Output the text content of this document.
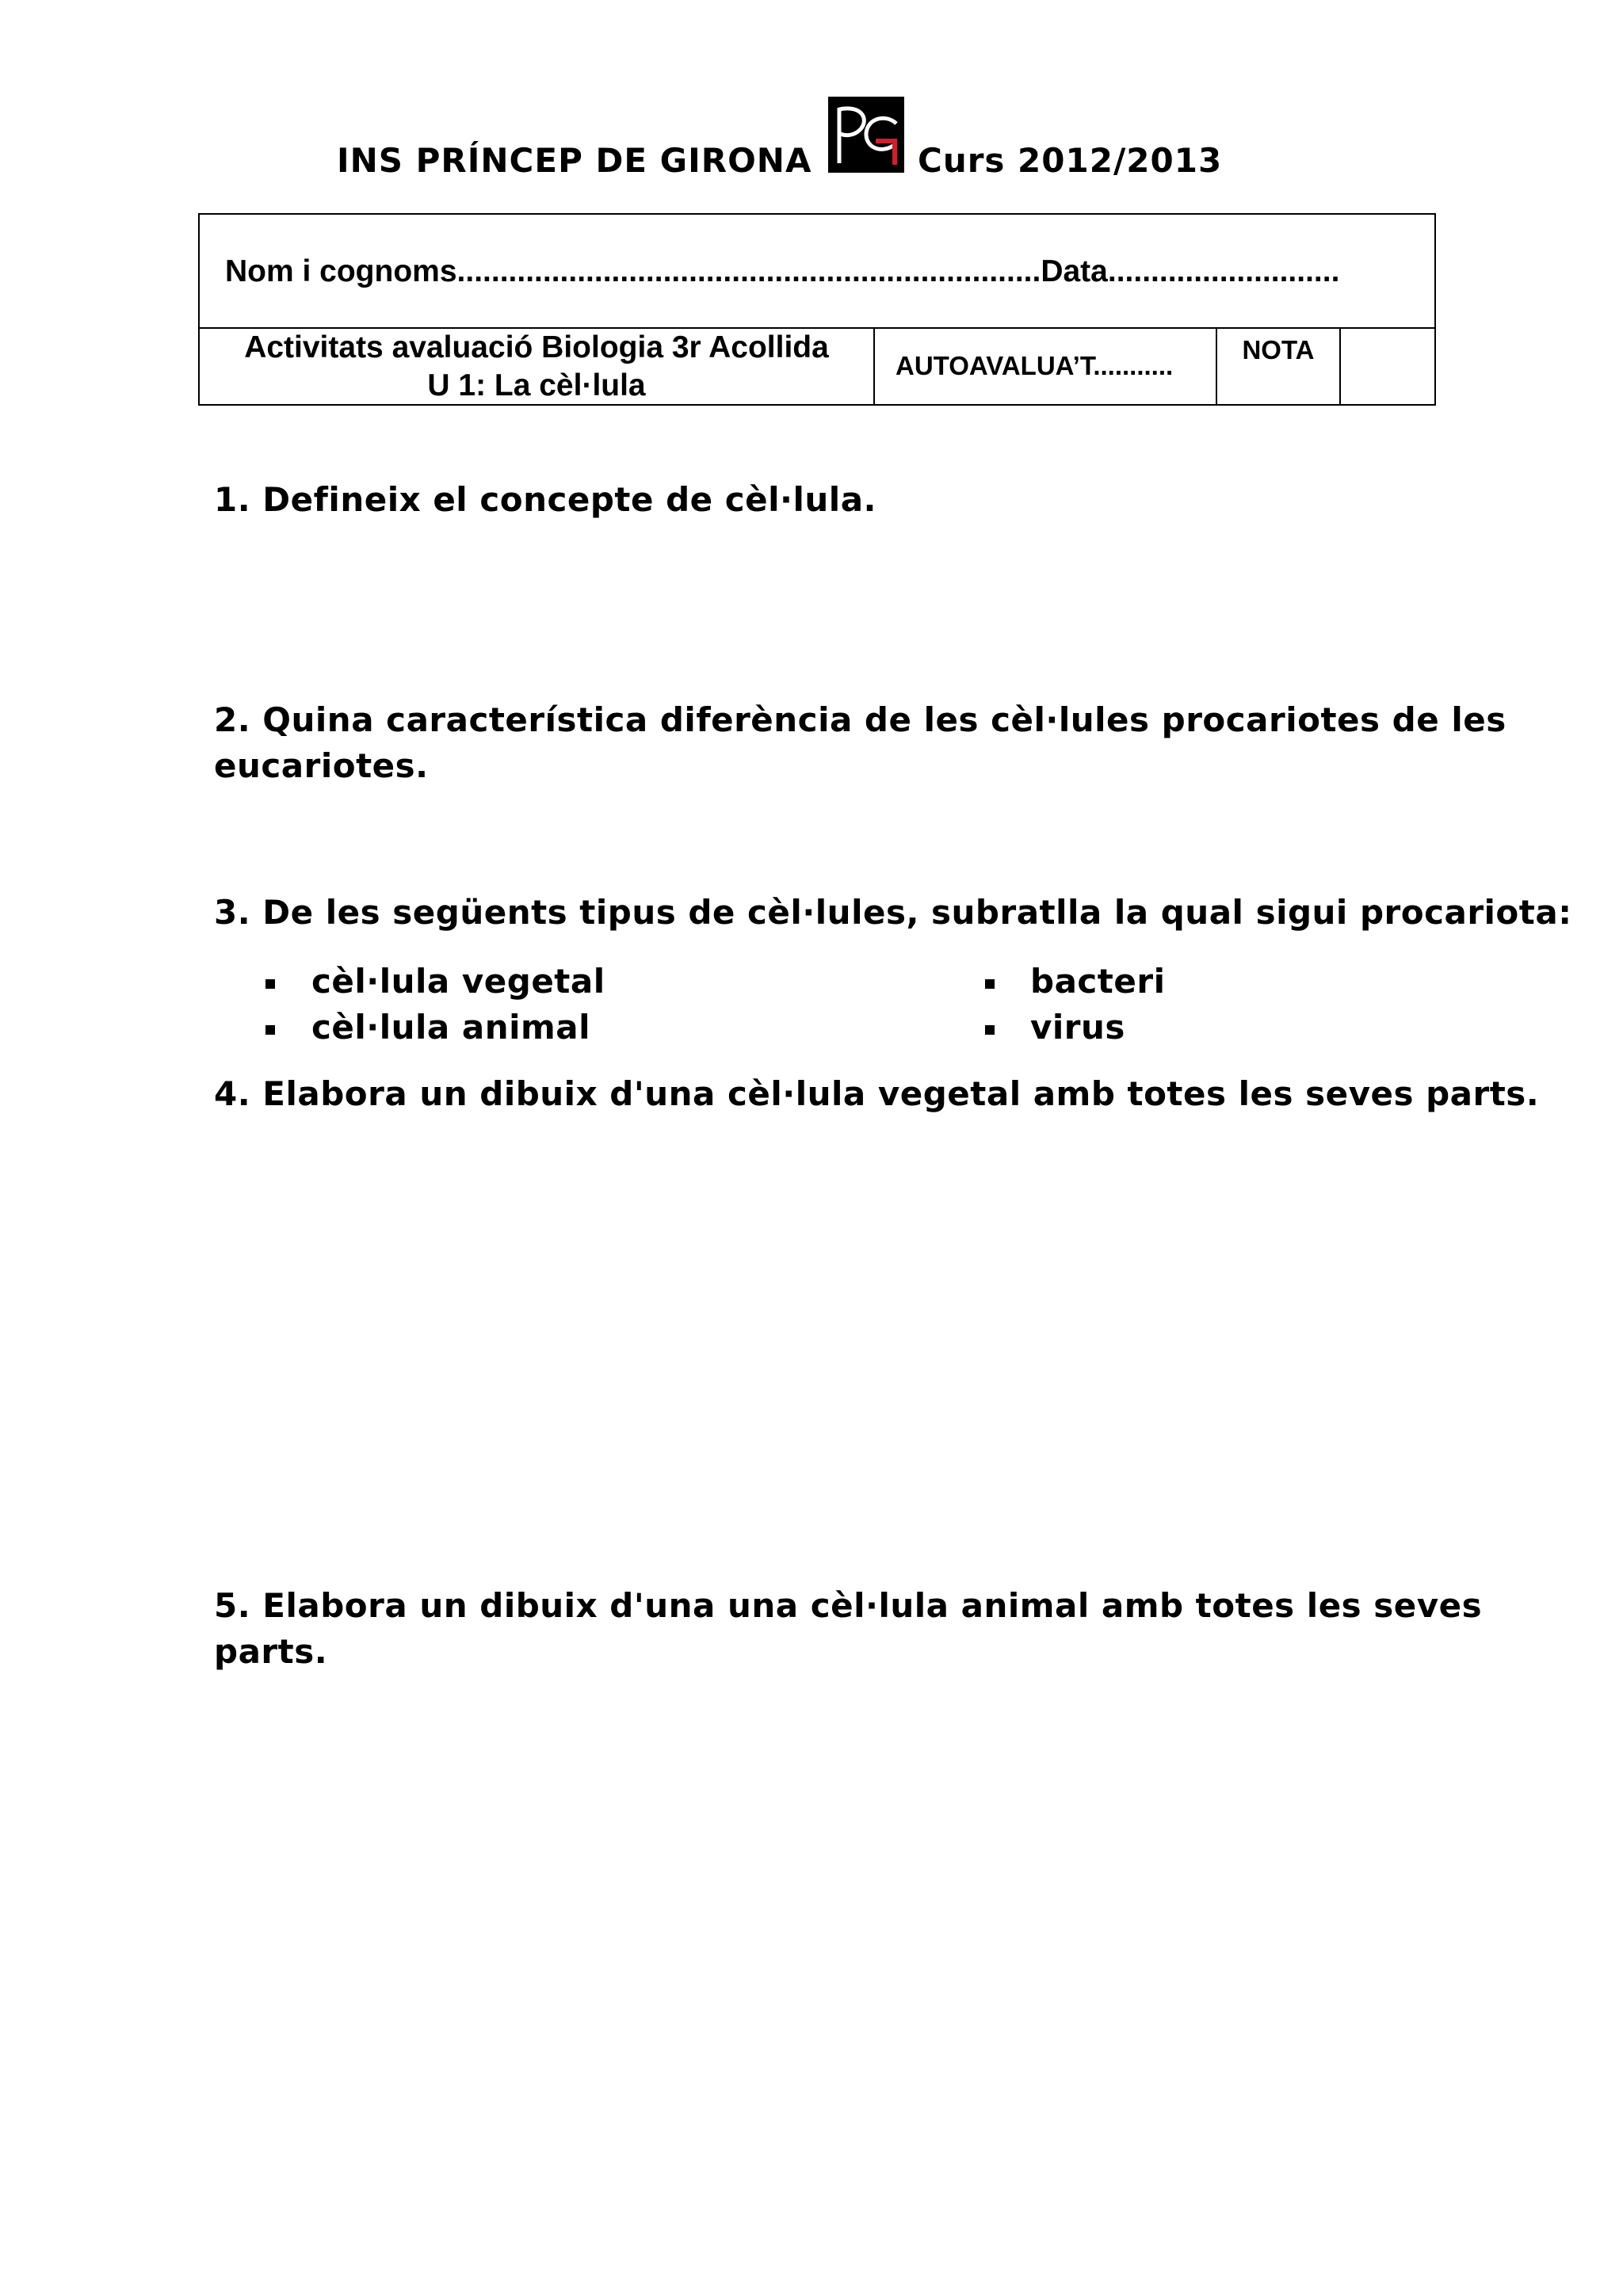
INS PRÍNCEP DE GIRONA	Curs 2012/2013
Nom i cognoms....................................................................Data...........................
Activitats avaluació Biologia 3r Acollida
U 1: La cèl·lula
AUTOAVALUA’T...........
NOTA
1. Defineix el concepte de cèl·lula.
2. Quina característica diferència de les cèl·lules procariotes de les eucariotes.
3. De les següents tipus de cèl·lules, subratlla la qual sigui procariota:
cèl·lula vegetal
cèl·lula animal
bacteri
virus
4. Elabora un dibuix d'una cèl·lula vegetal amb totes les seves parts.
5. Elabora un dibuix d'una una cèl·lula animal amb totes les seves parts.
